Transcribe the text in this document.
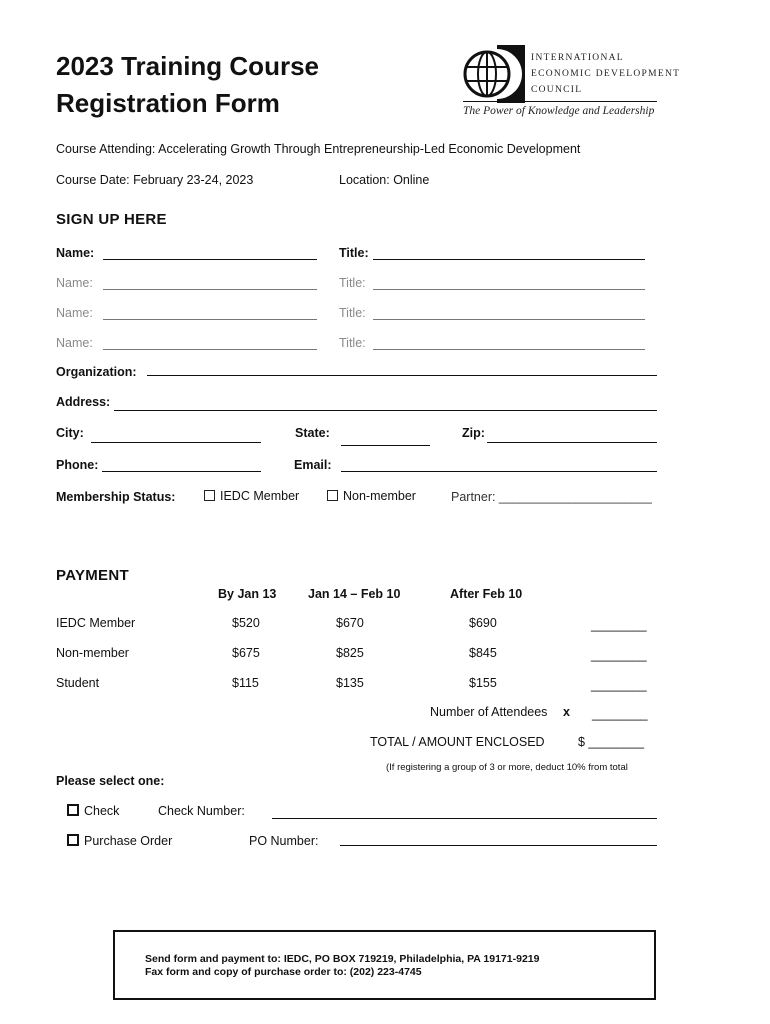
2023 Training Course
Registration Form
INTERNATIONAL
ECONOMIC DEVELOPMENT
COUNCIL
The Power of Knowledge and Leadership
Course Attending: Accelerating Growth Through Entrepreneurship-Led Economic Development
Course Date: February 23-24, 2023	Location: Online
SIGN UP HERE
Name:	Title:
Name:	Title:
Name:	Title:
Name:	Title:
Organization:
Address:
City:	State:	Zip:
Phone:	Email:
Membership Status:	IEDC Member	Non-member	Partner: ______________________
PAYMENT
By Jan 13	Jan 14 – Feb 10	After Feb 10
IEDC Member	$520	$670	$690	________
Non-member	$675	$825	$845	________
Student	$115	$135	$155	________
Number of Attendees x ________
TOTAL / AMOUNT ENCLOSED	$ ________
(If registering a group of 3 or more, deduct 10% from total
Please select one:
Check	Check Number:
Purchase Order	PO Number:
Send form and payment to: IEDC, PO BOX 719219, Philadelphia, PA 19171-9219
Fax form and copy of purchase order to: (202) 223-4745
